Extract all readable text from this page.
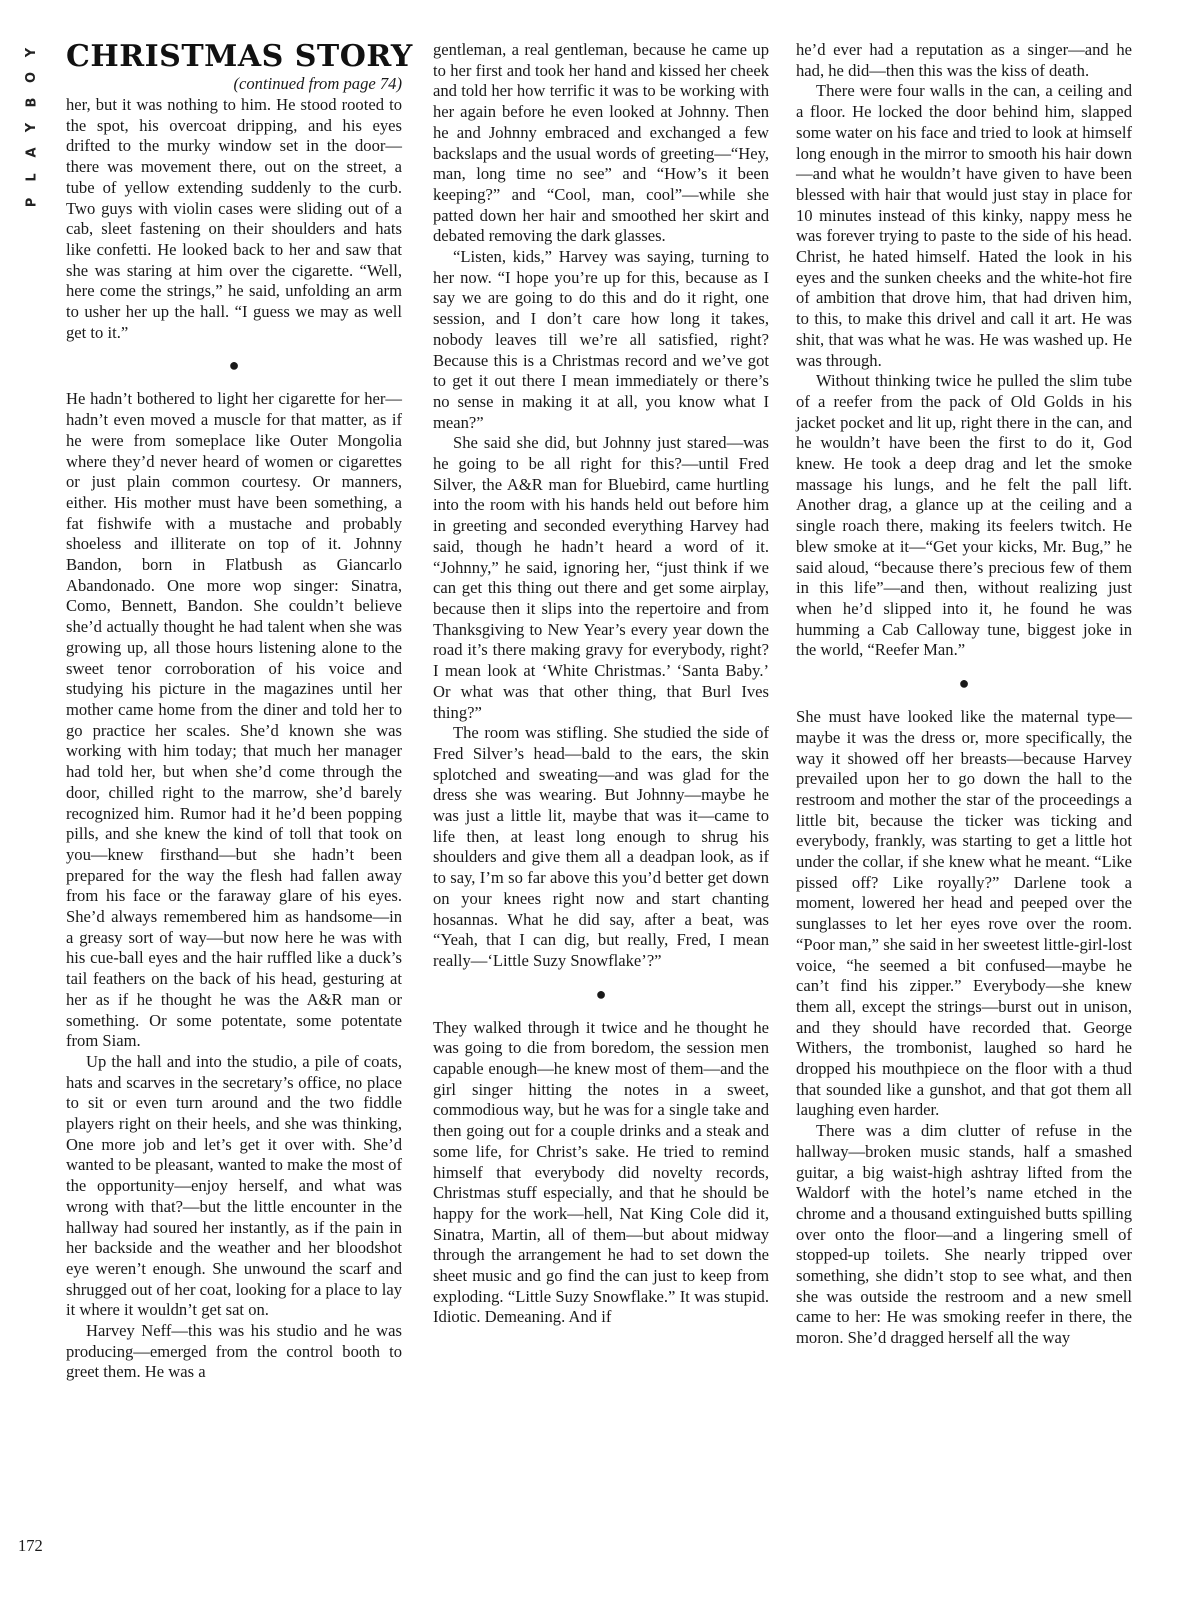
Y
O
B
Y
A
L
P
172
CHRISTMAS STORY
(continued from page 74)

her, but it was nothing to him. He stood rooted to the spot, his overcoat dripping, and his eyes drifted to the murky window set in the door—there was movement there, out on the street, a tube of yellow extending suddenly to the curb. Two guys with violin cases were sliding out of a cab, sleet fastening on their shoulders and hats like confetti. He looked back to her and saw that she was staring at him over the cigarette. “Well, here come the strings,” he said, unfolding an arm to usher her up the hall. “I guess we may as well get to it.”

●

He hadn’t bothered to light her cigarette for her—hadn’t even moved a muscle for that matter, as if he were from someplace like Outer Mongolia where they’d never heard of women or cigarettes or just plain common courtesy. Or manners, either. His mother must have been something, a fat fishwife with a mustache and probably shoeless and illiterate on top of it. Johnny Bandon, born in Flatbush as Giancarlo Abandonado. One more wop singer: Sinatra, Como, Bennett, Bandon. She couldn’t believe she’d actually thought he had talent when she was growing up, all those hours listening alone to the sweet tenor corroboration of his voice and studying his picture in the magazines until her mother came home from the diner and told her to go practice her scales. She’d known she was working with him today; that much her manager had told her, but when she’d come through the door, chilled right to the marrow, she’d barely recognized him. Rumor had it he’d been popping pills, and she knew the kind of toll that took on you—knew firsthand—but she hadn’t been prepared for the way the flesh had fallen away from his face or the faraway glare of his eyes. She’d always remembered him as handsome—in a greasy sort of way—but now here he was with his cue-ball eyes and the hair ruffled like a duck’s tail feathers on the back of his head, gesturing at her as if he thought he was the A&R man or something. Or some potentate, some potentate from Siam.

Up the hall and into the studio, a pile of coats, hats and scarves in the secretary’s office, no place to sit or even turn around and the two fiddle players right on their heels, and she was thinking, One more job and let’s get it over with. She’d wanted to be pleasant, wanted to make the most of the opportunity—enjoy herself, and what was wrong with that?—but the little encounter in the hallway had soured her instantly, as if the pain in her backside and the weather and her bloodshot eye weren’t enough. She unwound the scarf and shrugged out of her coat, looking for a place to lay it where it wouldn’t get sat on.

Harvey Neff—this was his studio and he was producing—emerged from the control booth to greet them. He was a

gentleman, a real gentleman, because he came up to her first and took her hand and kissed her cheek and told her how terrific it was to be working with her again before he even looked at Johnny. Then he and Johnny embraced and exchanged a few backslaps and the usual words of greeting—“Hey, man, long time no see” and “How’s it been keeping?” and “Cool, man, cool”—while she patted down her hair and smoothed her skirt and debated removing the dark glasses.

“Listen, kids,” Harvey was saying, turning to her now. “I hope you’re up for this, because as I say we are going to do this and do it right, one session, and I don’t care how long it takes, nobody leaves till we’re all satisfied, right? Because this is a Christmas record and we’ve got to get it out there I mean immediately or there’s no sense in making it at all, you know what I mean?”

She said she did, but Johnny just stared—was he going to be all right for this?—until Fred Silver, the A&R man for Bluebird, came hurtling into the room with his hands held out before him in greeting and seconded everything Harvey had said, though he hadn’t heard a word of it. “Johnny,” he said, ignoring her, “just think if we can get this thing out there and get some airplay, because then it slips into the repertoire and from Thanksgiving to New Year’s every year down the road it’s there making gravy for everybody, right? I mean look at ‘White Christmas.’ ‘Santa Baby.’ Or what was that other thing, that Burl Ives thing?”

The room was stifling. She studied the side of Fred Silver’s head—bald to the ears, the skin splotched and sweating—and was glad for the dress she was wearing. But Johnny—maybe he was just a little lit, maybe that was it—came to life then, at least long enough to shrug his shoulders and give them all a deadpan look, as if to say, I’m so far above this you’d better get down on your knees right now and start chanting hosannas. What he did say, after a beat, was “Yeah, that I can dig, but really, Fred, I mean really—‘Little Suzy Snowflake’?”

●

They walked through it twice and he thought he was going to die from boredom, the session men capable enough—he knew most of them—and the girl singer hitting the notes in a sweet, commodious way, but he was for a single take and then going out for a couple drinks and a steak and some life, for Christ’s sake. He tried to remind himself that everybody did novelty records, Christmas stuff especially, and that he should be happy for the work—hell, Nat King Cole did it, Sinatra, Martin, all of them—but about midway through the arrangement he had to set down the sheet music and go find the can just to keep from exploding. “Little Suzy Snowflake.” It was stupid. Idiotic. Demeaning. And if

he’d ever had a reputation as a singer—and he had, he did—then this was the kiss of death.

There were four walls in the can, a ceiling and a floor. He locked the door behind him, slapped some water on his face and tried to look at himself long enough in the mirror to smooth his hair down—and what he wouldn’t have given to have been blessed with hair that would just stay in place for 10 minutes instead of this kinky, nappy mess he was forever trying to paste to the side of his head. Christ, he hated himself. Hated the look in his eyes and the sunken cheeks and the white-hot fire of ambition that drove him, that had driven him, to this, to make this drivel and call it art. He was shit, that was what he was. He was washed up. He was through.

Without thinking twice he pulled the slim tube of a reefer from the pack of Old Golds in his jacket pocket and lit up, right there in the can, and he wouldn’t have been the first to do it, God knew. He took a deep drag and let the smoke massage his lungs, and he felt the pall lift. Another drag, a glance up at the ceiling and a single roach there, making its feelers twitch. He blew smoke at it—“Get your kicks, Mr. Bug,” he said aloud, “because there’s precious few of them in this life”—and then, without realizing just when he’d slipped into it, he found he was humming a Cab Calloway tune, biggest joke in the world, “Reefer Man.”

●

She must have looked like the maternal type—maybe it was the dress or, more specifically, the way it showed off her breasts—because Harvey prevailed upon her to go down the hall to the restroom and mother the star of the proceedings a little bit, because the ticker was ticking and everybody, frankly, was starting to get a little hot under the collar, if she knew what he meant. “Like pissed off? Like royally?” Darlene took a moment, lowered her head and peeped over the sunglasses to let her eyes rove over the room. “Poor man,” she said in her sweetest little-girl-lost voice, “he seemed a bit confused—maybe he can’t find his zipper.” Everybody—she knew them all, except the strings—burst out in unison, and they should have recorded that. George Withers, the trombonist, laughed so hard he dropped his mouthpiece on the floor with a thud that sounded like a gunshot, and that got them all laughing even harder.

There was a dim clutter of refuse in the hallway—broken music stands, half a smashed guitar, a big waist-high ashtray lifted from the Waldorf with the hotel’s name etched in the chrome and a thousand extinguished butts spilling over onto the floor—and a lingering smell of stopped-up toilets. She nearly tripped over something, she didn’t stop to see what, and then she was outside the restroom and a new smell came to her: He was smoking reefer in there, the moron. She’d dragged herself all the way
